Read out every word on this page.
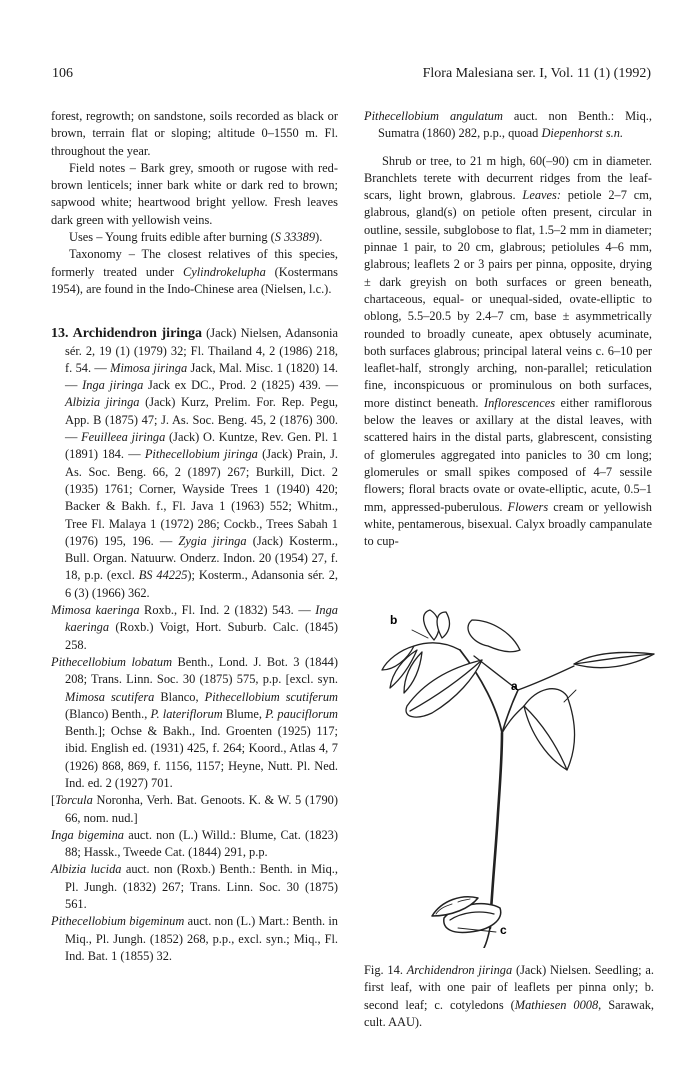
106	Flora Malesiana ser. I, Vol. 11 (1) (1992)

forest, regrowth; on sandstone, soils recorded as black or brown, terrain flat or sloping; altitude 0–1550 m. Fl. throughout the year.

Field notes – Bark grey, smooth or rugose with red-brown lenticels; inner bark white or dark red to brown; sapwood white; heartwood bright yellow. Fresh leaves dark green with yellowish veins.

Uses – Young fruits edible after burning (S 33389).

Taxonomy – The closest relatives of this species, formerly treated under Cylindrokelupha (Kostermans 1954), are found in the Indo-Chinese area (Nielsen, l.c.).

13. Archidendron jiringa (Jack) Nielsen, Adansonia sér. 2, 19 (1) (1979) 32; Fl. Thailand 4, 2 (1986) 218, f. 54. — Mimosa jiringa Jack, Mal. Misc. 1 (1820) 14. — Inga jiringa Jack ex DC., Prod. 2 (1825) 439. — Albizia jiringa (Jack) Kurz, Prelim. For. Rep. Pegu, App. B (1875) 47; J. As. Soc. Beng. 45, 2 (1876) 300. — Feuilleea jiringa (Jack) O. Kuntze, Rev. Gen. Pl. 1 (1891) 184. — Pithecellobium jiringa (Jack) Prain, J. As. Soc. Beng. 66, 2 (1897) 267; Burkill, Dict. 2 (1935) 1761; Corner, Wayside Trees 1 (1940) 420; Backer & Bakh. f., Fl. Java 1 (1963) 552; Whitm., Tree Fl. Malaya 1 (1972) 286; Cockb., Trees Sabah 1 (1976) 195, 196. — Zygia jiringa (Jack) Kosterm., Bull. Organ. Natuurw. Onderz. Indon. 20 (1954) 27, f. 18, p.p. (excl. BS 44225); Kosterm., Adansonia sér. 2, 6 (3) (1966) 362.

Mimosa kaeringa Roxb., Fl. Ind. 2 (1832) 543. — Inga kaeringa (Roxb.) Voigt, Hort. Suburb. Calc. (1845) 258.

Pithecellobium lobatum Benth., Lond. J. Bot. 3 (1844) 208; Trans. Linn. Soc. 30 (1875) 575, p.p. [excl. syn. Mimosa scutifera Blanco, Pithecellobium scutiferum (Blanco) Benth., P. lateriflorum Blume, P. pauciflorum Benth.]; Ochse & Bakh., Ind. Groenten (1925) 117; ibid. English ed. (1931) 425, f. 264; Koord., Atlas 4, 7 (1926) 868, 869, f. 1156, 1157; Heyne, Nutt. Pl. Ned. Ind. ed. 2 (1927) 701.

[Torcula Noronha, Verh. Bat. Genoots. K. & W. 5 (1790) 66, nom. nud.]

Inga bigemina auct. non (L.) Willd.: Blume, Cat. (1823) 88; Hassk., Tweede Cat. (1844) 291, p.p.

Albizia lucida auct. non (Roxb.) Benth.: Benth. in Miq., Pl. Jungh. (1832) 267; Trans. Linn. Soc. 30 (1875) 561.

Pithecellobium bigeminum auct. non (L.) Mart.: Benth. in Miq., Pl. Jungh. (1852) 268, p.p., excl. syn.; Miq., Fl. Ind. Bat. 1 (1855) 32.

Pithecellobium angulatum auct. non Benth.: Miq., Sumatra (1860) 282, p.p., quoad Diepenhorst s.n.

Shrub or tree, to 21 m high, 60(–90) cm in diameter. Branchlets terete with decurrent ridges from the leaf-scars, light brown, glabrous. Leaves: petiole 2–7 cm, glabrous, gland(s) on petiole often present, circular in outline, sessile, subglobose to flat, 1.5–2 mm in diameter; pinnae 1 pair, to 20 cm, glabrous; petiolules 4–6 mm, glabrous; leaflets 2 or 3 pairs per pinna, opposite, drying ± dark greyish on both surfaces or green beneath, chartaceous, equal- or unequal-sided, ovate-elliptic to oblong, 5.5–20.5 by 2.4–7 cm, base ± asymmetrically rounded to broadly cuneate, apex obtusely acuminate, both surfaces glabrous; principal lateral veins c. 6–10 per leaflet-half, strongly arching, non-parallel; reticulation fine, inconspicuous or prominulous on both surfaces, more distinct beneath. Inflorescences either ramiflorous below the leaves or axillary at the distal leaves, with scattered hairs in the distal parts, glabrescent, consisting of glomerules aggregated into panicles to 30 cm long; glomerules or small spikes composed of 4–7 sessile flowers; floral bracts ovate or ovate-elliptic, acute, 0.5–1 mm, appressed-puberulous. Flowers cream or yellowish white, pentamerous, bisexual. Calyx broadly campanulate to cup-

b
a
c
Fig. 14. Archidendron jiringa (Jack) Nielsen. Seedling; a. first leaf, with one pair of leaflets per pinna only; b. second leaf; c. cotyledons (Mathiesen 0008, Sarawak, cult. AAU).
